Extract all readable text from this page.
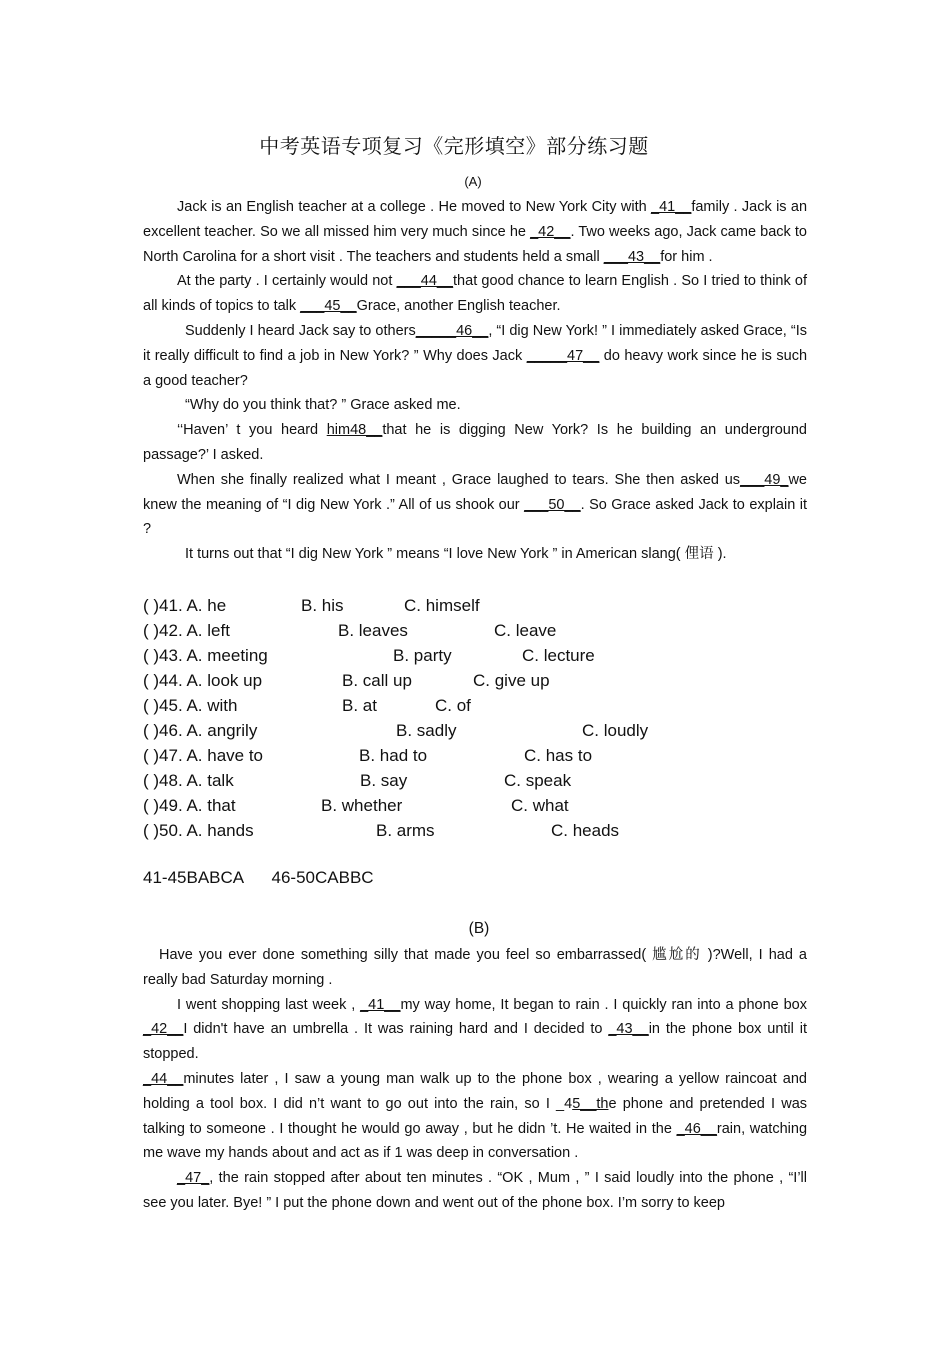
中考英语专项复习《完形填空》部分练习题
(A)

Jack is an English teacher at a college . He moved to New York City with _41__family . Jack is an excellent teacher. So we all missed him very much since he _42__. Two weeks ago, Jack came back to North Carolina for a short visit . The teachers and students held a small ___43__for him .

At the party . I certainly would not ___44__that good chance to learn English . So I tried to think of all kinds of topics to talk ___45__Grace, another English teacher.

Suddenly I heard Jack say to others_____46__, “I dig New York! ” I immediately asked Grace, “Is it really difficult to find a job in New York? ” Why does Jack _____47__ do heavy work since he is such a good teacher?

“Why do you think that? ” Grace asked me.

‘‘Haven’ t you heard him48__that he is digging New York? Is he building an underground passage?’ I asked.

When she finally realized what I meant , Grace laughed to tears. She then asked us___49_we knew the meaning of “I dig New York .” All of us shook our ___50__. So Grace asked Jack to explain it ?

It turns out that “I dig New York ” means “I love New York ” in American slang( 俚语 ).

( )41. A. he	B. his	C. himself
( )42. A. left	B. leaves	C. leave
( )43. A. meeting	B. party	C. lecture
( )44. A. look up	B. call up	C. give up
( )45. A. with	B. at	C. of
( )46. A. angrily	B. sadly	C. loudly
( )47. A. have to	B. had to	C. has to
( )48. A. talk	B. say	C. speak
( )49. A. that	B. whether	C. what
( )50. A. hands	B. arms	C. heads
41-45BABCA      46-50CABBC
(B)

Have you ever done something silly that made you feel so embarrassed( 尴尬的 )?Well, I had a really bad Saturday morning .

I went shopping last week , _41__my way home, It began to rain . I quickly ran into a phone box _42__I didn't have an umbrella . It was raining hard and I decided to _43__in the phone box until it stopped.

_44__minutes later , I saw a young man walk up to the phone box , wearing a yellow raincoat and holding a tool box. I did n’t want to go out into the rain, so I _45__the phone and pretended I was talking to someone . I thought he would go away , but he didn ’t. He waited in the _46__rain, watching me wave my hands about and act as if 1 was deep in conversation .

_47_, the rain stopped after about ten minutes . “OK , Mum , ” I said loudly into the phone , “I’ll see you later. Bye! ” I put the phone down and went out of the phone box. I’m sorry to keep
